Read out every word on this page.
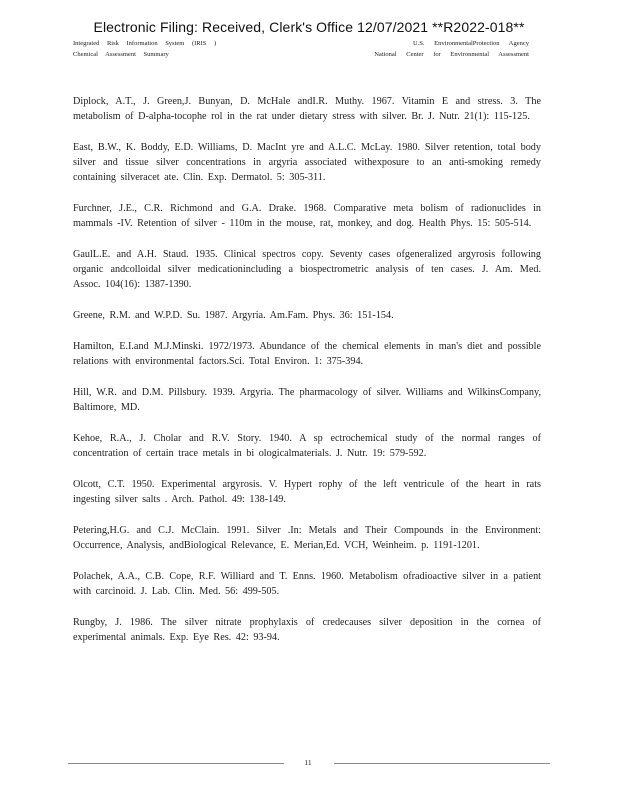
Electronic Filing: Received, Clerk's Office 12/07/2021 **R2022-018**
Integrated Risk Information System (IRIS )
Chemical Assessment Summary
U.S. EnvironmentalProtection Agency
National Center for Environmental Assessment

Diplock, A.T., J. Green,J. Bunyan, D. McHale andI.R. Muthy. 1967. Vitamin E and stress. 3. The metabolism of D-alpha-tocophe rol in the rat under dietary stress with silver. Br. J. Nutr. 21(1): 115-125.

East, B.W., K. Boddy, E.D. Williams, D. MacInt yre and A.L.C. McLay. 1980. Silver retention, total body silver and tissue silver concentrations in argyria associated withexposure to an anti-smoking remedy containing silveracet ate. Clin. Exp. Dermatol. 5: 305-311.

Furchner, J.E., C.R. Richmond and G.A. Drake. 1968. Comparative meta bolism of radionuclides in mammals -IV. Retention of silver - 110m in the mouse, rat, monkey, and dog. Health Phys. 15: 505-514.

GaulL.E. and A.H. Staud. 1935. Clinical spectros copy. Seventy cases ofgeneralized argyrosis following organic andcolloidal silver medicationincluding a biospectrometric analysis of ten cases. J. Am. Med. Assoc. 104(16): 1387-1390.

Greene, R.M. and W.P.D. Su. 1987. Argyria. Am.Fam. Phys. 36: 151-154.

Hamilton, E.I.and M.J.Minski. 1972/1973. Abundance of the chemical elements in man's diet and possible relations with environmental factors.Sci. Total Environ. 1: 375-394.

Hill, W.R. and D.M. Pillsbury. 1939. Argyria. The pharmacology of silver. Williams and WilkinsCompany, Baltimore, MD.

Kehoe, R.A., J. Cholar and R.V. Story. 1940. A sp ectrochemical study of the normal ranges of concentration of certain trace metals in bi ologicalmaterials. J. Nutr. 19: 579-592.

Olcott, C.T. 1950. Experimental argyrosis. V. Hypert rophy of the left ventricule of the heart in rats ingesting silver salts . Arch. Pathol. 49: 138-149.

Petering,H.G. and C.J. McClain. 1991. Silver .In: Metals and Their Compounds in the Environment: Occurrence, Analysis, andBiological Relevance, E. Merian,Ed. VCH, Weinheim. p. 1191-1201.

Polachek, A.A., C.B. Cope, R.F. Williard and T. Enns. 1960. Metabolism ofradioactive silver in a patient with carcinoid. J. Lab. Clin. Med. 56: 499-505.

Rungby, J. 1986. The silver nitrate prophylaxis of credecauses silver deposition in the cornea of experimental animals. Exp. Eye Res. 42: 93-94.

11
